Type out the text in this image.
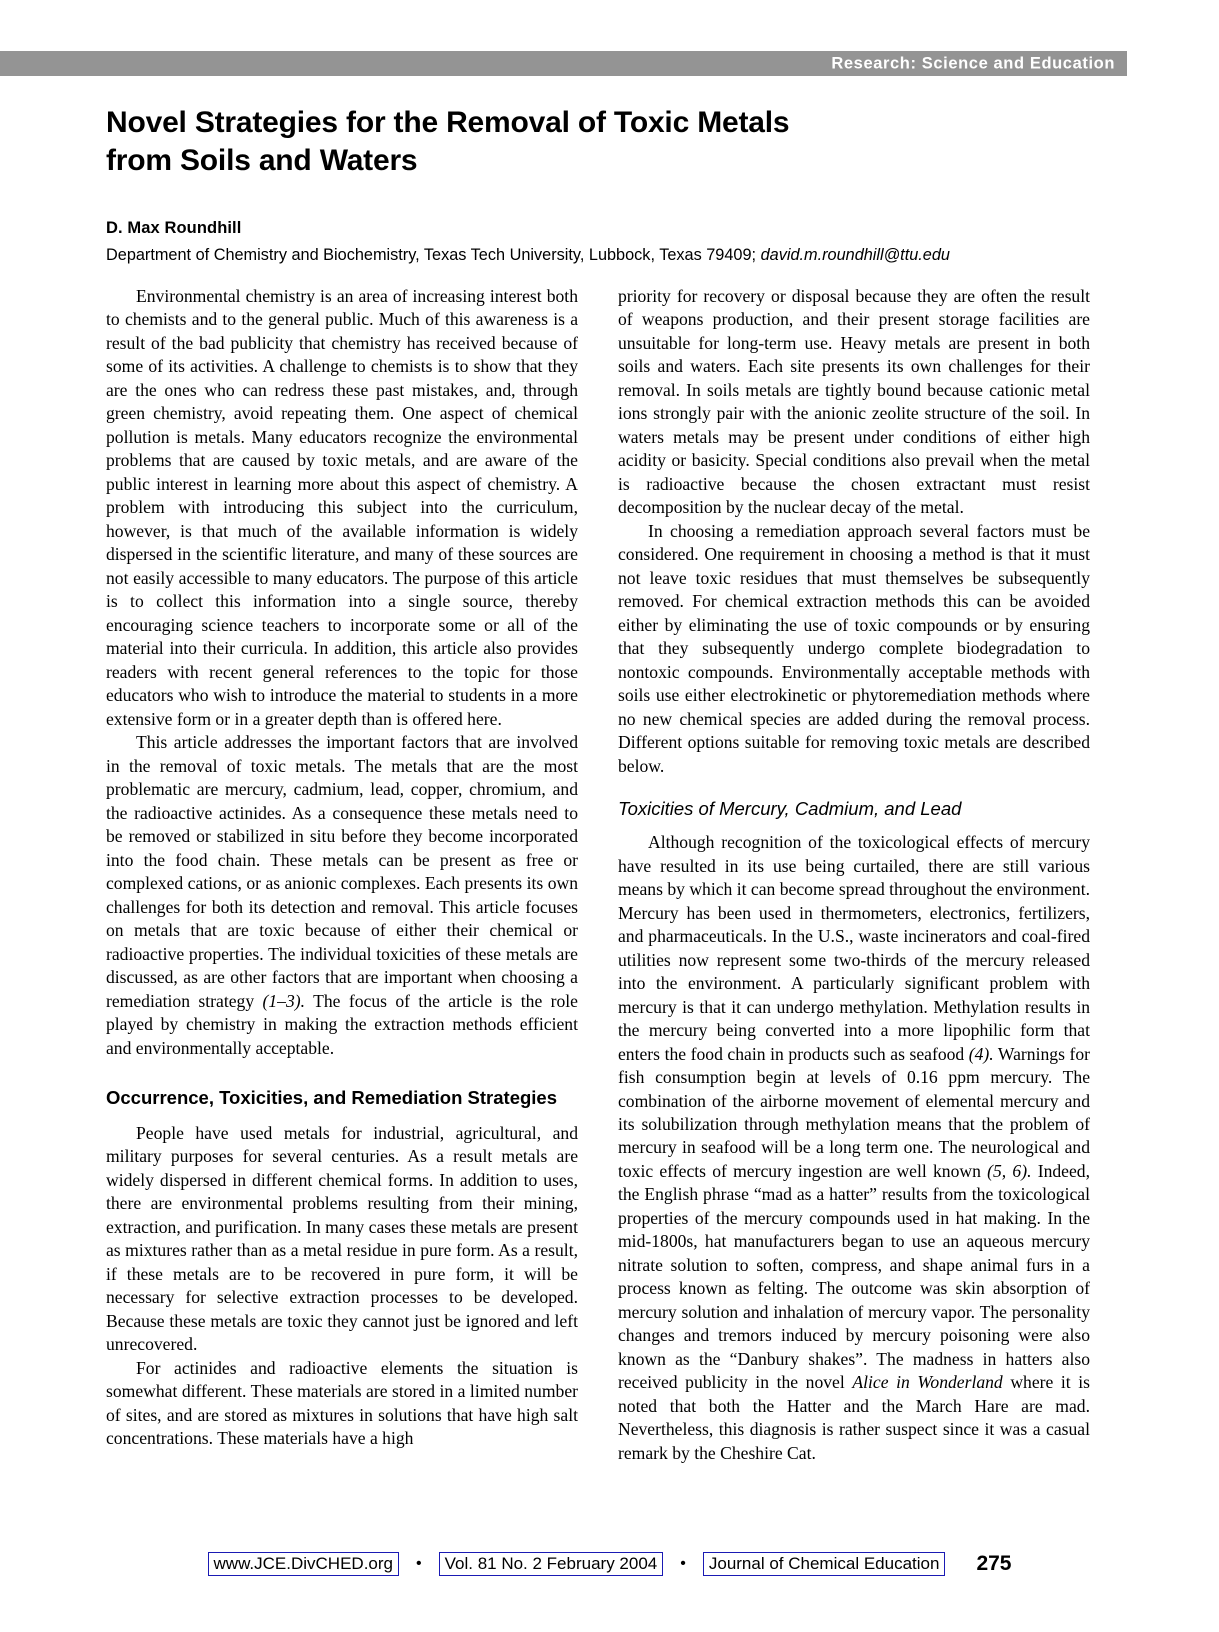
Research: Science and Education
Novel Strategies for the Removal of Toxic Metals
from Soils and Waters

D. Max Roundhill

Department of Chemistry and Biochemistry, Texas Tech University, Lubbock, Texas 79409; david.m.roundhill@ttu.edu

Environmental chemistry is an area of increasing interest both to chemists and to the general public. Much of this awareness is a result of the bad publicity that chemistry has received because of some of its activities. A challenge to chemists is to show that they are the ones who can redress these past mistakes, and, through green chemistry, avoid repeating them. One aspect of chemical pollution is metals. Many educators recognize the environmental problems that are caused by toxic metals, and are aware of the public interest in learning more about this aspect of chemistry. A problem with introducing this subject into the curriculum, however, is that much of the available information is widely dispersed in the scientific literature, and many of these sources are not easily accessible to many educators. The purpose of this article is to collect this information into a single source, thereby encouraging science teachers to incorporate some or all of the material into their curricula. In addition, this article also provides readers with recent general references to the topic for those educators who wish to introduce the material to students in a more extensive form or in a greater depth than is offered here.

This article addresses the important factors that are involved in the removal of toxic metals. The metals that are the most problematic are mercury, cadmium, lead, copper, chromium, and the radioactive actinides. As a consequence these metals need to be removed or stabilized in situ before they become incorporated into the food chain. These metals can be present as free or complexed cations, or as anionic complexes. Each presents its own challenges for both its detection and removal. This article focuses on metals that are toxic because of either their chemical or radioactive properties. The individual toxicities of these metals are discussed, as are other factors that are important when choosing a remediation strategy (1–3). The focus of the article is the role played by chemistry in making the extraction methods efficient and environmentally acceptable.

Occurrence, Toxicities, and Remediation Strategies

People have used metals for industrial, agricultural, and military purposes for several centuries. As a result metals are widely dispersed in different chemical forms. In addition to uses, there are environmental problems resulting from their mining, extraction, and purification. In many cases these metals are present as mixtures rather than as a metal residue in pure form. As a result, if these metals are to be recovered in pure form, it will be necessary for selective extraction processes to be developed. Because these metals are toxic they cannot just be ignored and left unrecovered.

For actinides and radioactive elements the situation is somewhat different. These materials are stored in a limited number of sites, and are stored as mixtures in solutions that have high salt concentrations. These materials have a high

priority for recovery or disposal because they are often the result of weapons production, and their present storage facilities are unsuitable for long-term use. Heavy metals are present in both soils and waters. Each site presents its own challenges for their removal. In soils metals are tightly bound because cationic metal ions strongly pair with the anionic zeolite structure of the soil. In waters metals may be present under conditions of either high acidity or basicity. Special conditions also prevail when the metal is radioactive because the chosen extractant must resist decomposition by the nuclear decay of the metal.

In choosing a remediation approach several factors must be considered. One requirement in choosing a method is that it must not leave toxic residues that must themselves be subsequently removed. For chemical extraction methods this can be avoided either by eliminating the use of toxic compounds or by ensuring that they subsequently undergo complete biodegradation to nontoxic compounds. Environmentally acceptable methods with soils use either electrokinetic or phytoremediation methods where no new chemical species are added during the removal process. Different options suitable for removing toxic metals are described below.

Toxicities of Mercury, Cadmium, and Lead

Although recognition of the toxicological effects of mercury have resulted in its use being curtailed, there are still various means by which it can become spread throughout the environment. Mercury has been used in thermometers, electronics, fertilizers, and pharmaceuticals. In the U.S., waste incinerators and coal-fired utilities now represent some two-thirds of the mercury released into the environment. A particularly significant problem with mercury is that it can undergo methylation. Methylation results in the mercury being converted into a more lipophilic form that enters the food chain in products such as seafood (4). Warnings for fish consumption begin at levels of 0.16 ppm mercury. The combination of the airborne movement of elemental mercury and its solubilization through methylation means that the problem of mercury in seafood will be a long term one. The neurological and toxic effects of mercury ingestion are well known (5, 6). Indeed, the English phrase “mad as a hatter” results from the toxicological properties of the mercury compounds used in hat making. In the mid-1800s, hat manufacturers began to use an aqueous mercury nitrate solution to soften, compress, and shape animal furs in a process known as felting. The outcome was skin absorption of mercury solution and inhalation of mercury vapor. The personality changes and tremors induced by mercury poisoning were also known as the “Danbury shakes”. The madness in hatters also received publicity in the novel Alice in Wonderland where it is noted that both the Hatter and the March Hare are mad. Nevertheless, this diagnosis is rather suspect since it was a casual remark by the Cheshire Cat.

www.JCE.DivCHED.org	•	Vol. 81 No. 2 February 2004	•	Journal of Chemical Education 275
